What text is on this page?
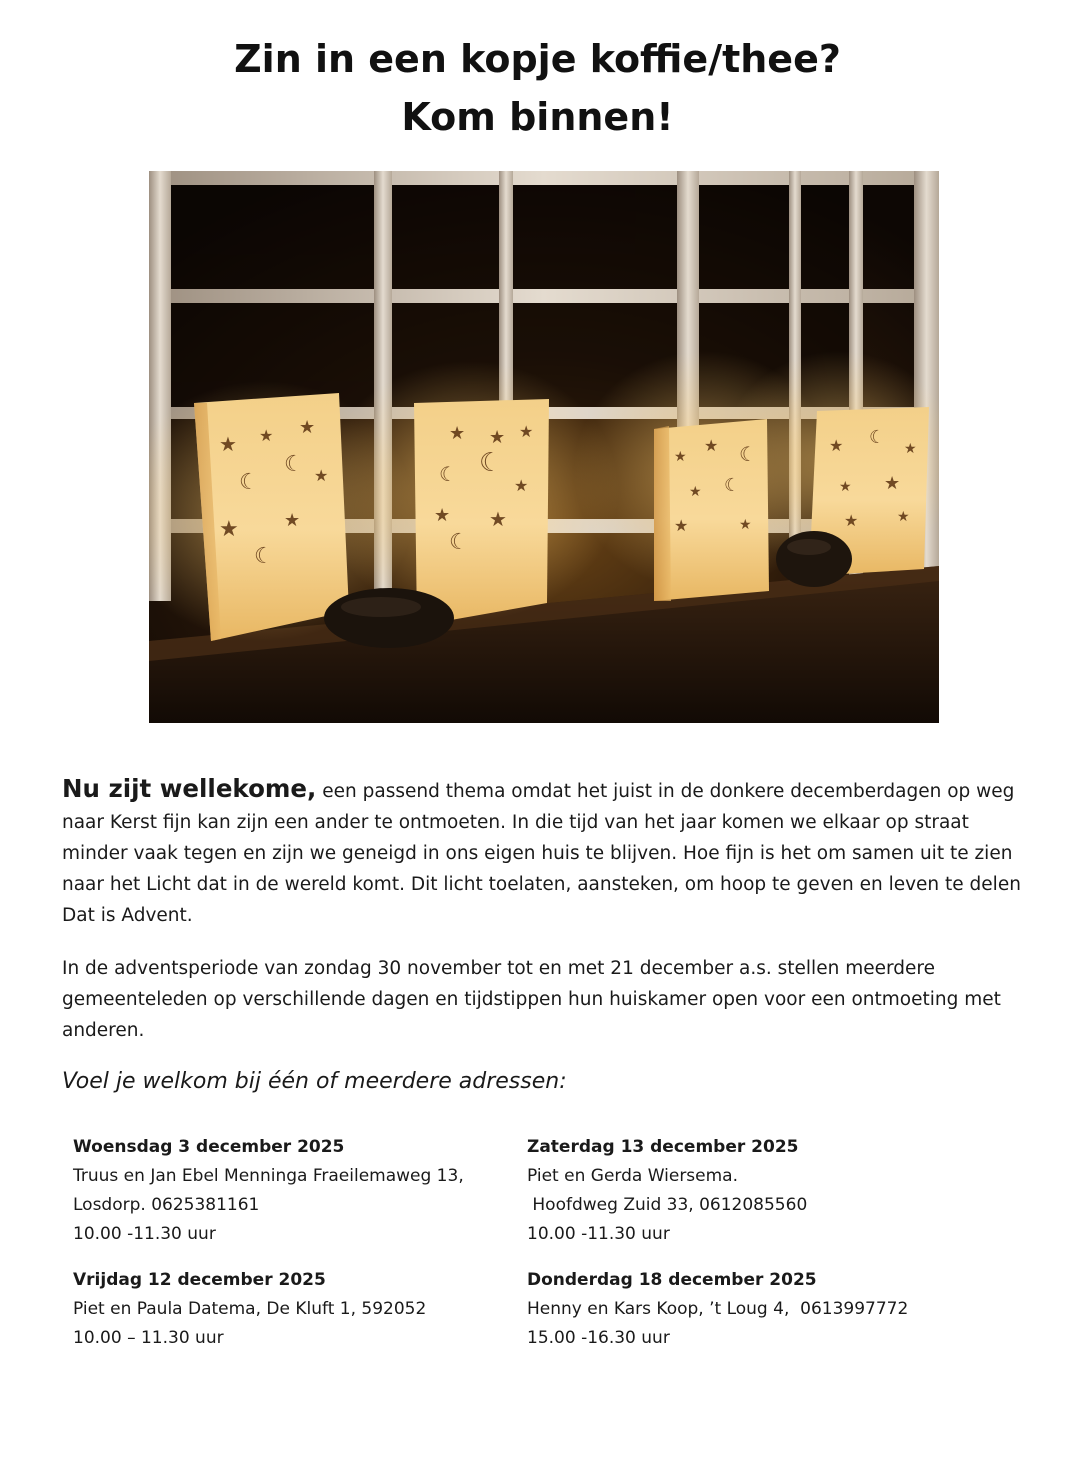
Zin in een kopje koffie/thee?
Kom binnen!
★ ★ ★
☾
☾ ★
★	★
☾
★ ★ ★
☾ ☾
★
★ ★
☾
★
★ ☾
★ ☾
★	★
★ ☾
★
★ ★
★	★
Nu zijt wellekome, een passend thema omdat het juist in de donkere decemberdagen op weg naar Kerst fijn kan zijn een ander te ontmoeten. In die tijd van het jaar komen we elkaar op straat minder vaak tegen en zijn we geneigd in ons eigen huis te blijven. Hoe fijn is het om samen uit te zien naar het Licht dat in de wereld komt. Dit licht toelaten, aansteken, om hoop te geven en leven te delen Dat is Advent.
In de adventsperiode van zondag 30 november tot en met 21 december a.s. stellen meerdere gemeenteleden op verschillende dagen en tijdstippen hun huiskamer open voor een ontmoeting met anderen.
Voel je welkom bij één of meerdere adressen:
Woensdag 3 december 2025
Truus en Jan Ebel Menninga Fraeilemaweg 13,
Losdorp. 0625381161
10.00 -11.30 uur
Zaterdag 13 december 2025
Piet en Gerda Wiersema.
Hoofdweg Zuid 33, 0612085560
10.00 -11.30 uur
Vrijdag 12 december 2025
Piet en Paula Datema, De Kluft 1, 592052
10.00 – 11.30 uur
Donderdag 18 december 2025
Henny en Kars Koop, ’t Loug 4,  0613997772
15.00 -16.30 uur
